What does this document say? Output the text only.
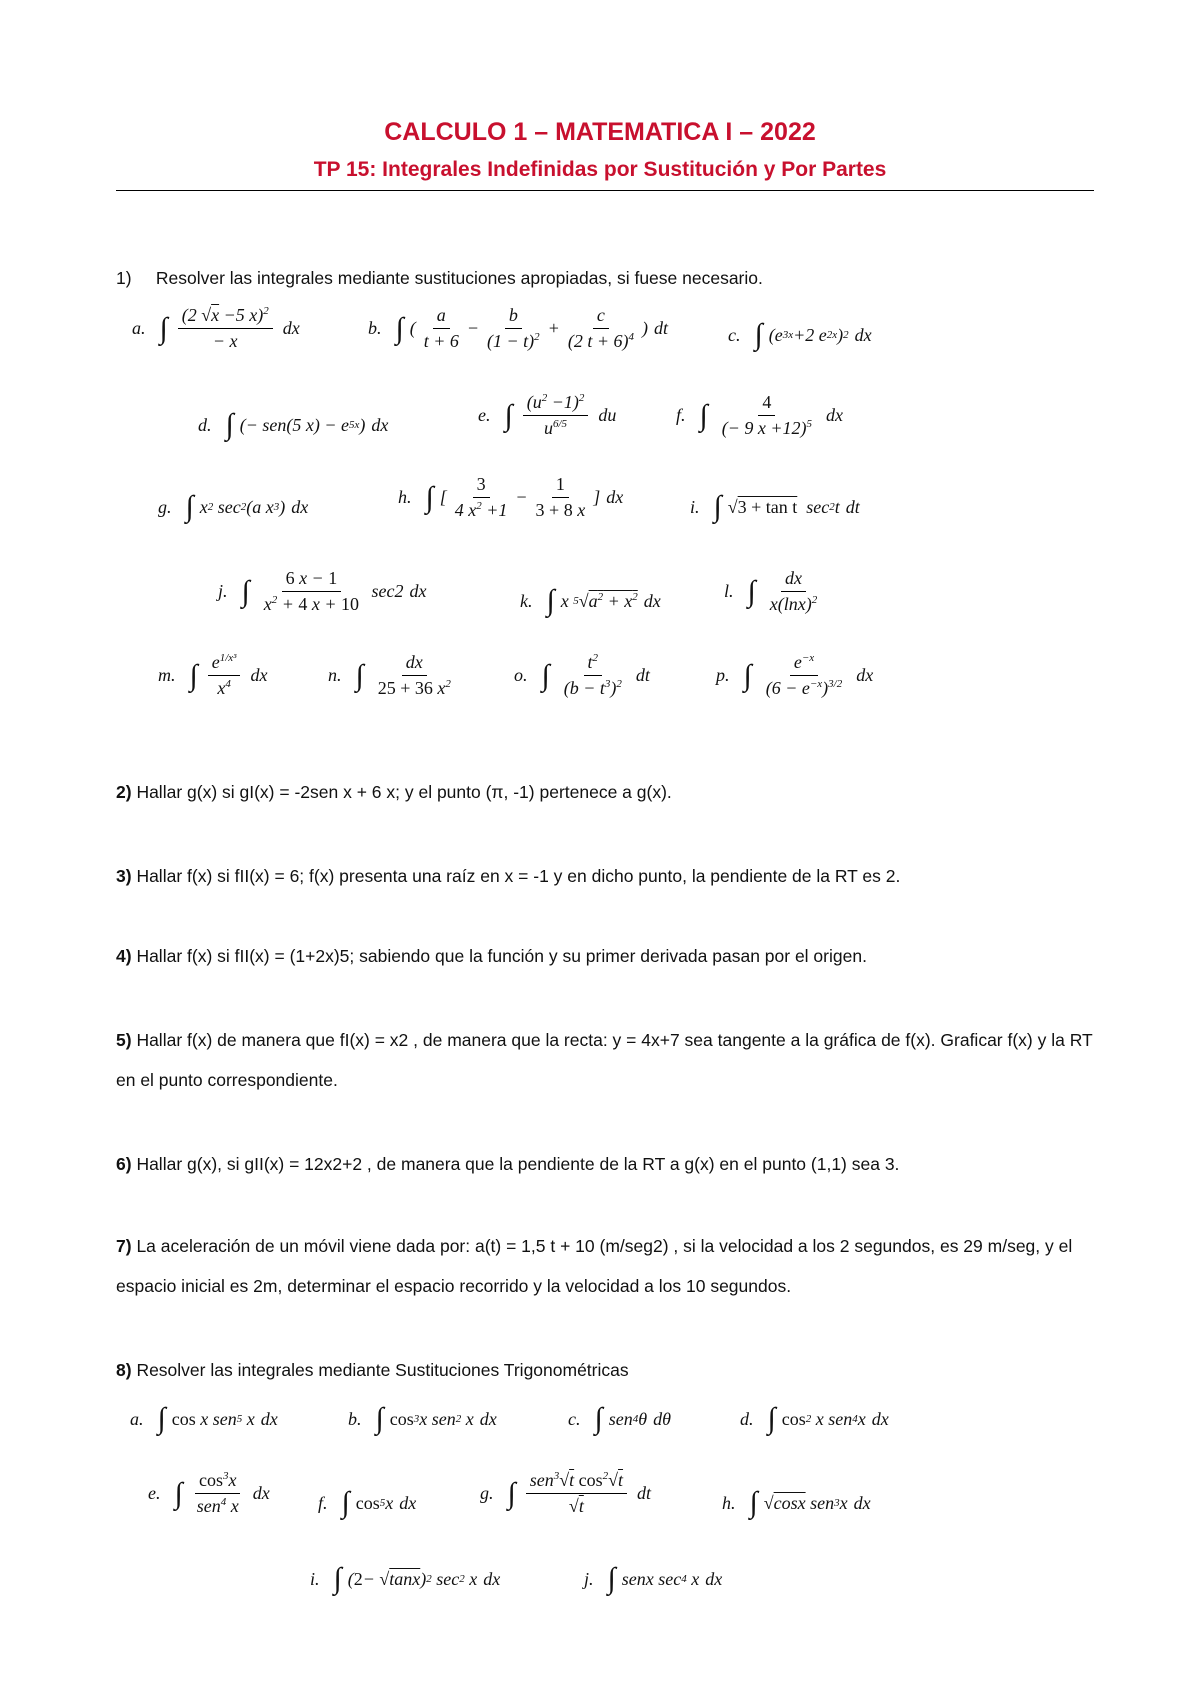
CALCULO 1 – MATEMATICA I – 2022
TP 15: Integrales Indefinidas por Sustitución y Por Partes
1) Resolver las integrales mediante sustituciones apropiadas, si fuese necesario.
a. ∫ $\frac{(2 √x -5 x)^2}{- x}$ dx	b. ∫ ( $\frac{a}{t + 6} - \frac{b}{(1 - t)^2} + \frac{c}{(2 t + 6)^4}$ ) dt	c. ∫ (e 3x +2 e 2x ) 2 dx
d. ∫ (− sen(5 x) − e 5x ) dx	e. ∫ $\frac{(u^2 -1)^2}{u^{6/5}}$ du	f. ∫ $\frac{4}{(- 9 x +12)^5}$ dx
g. ∫ x 2 sec 2 (a x 3 ) dx	h. ∫ [ $\frac{3}{4 x^2 +1} - \frac{1}{3 + 8 x}$ ] dx	i. ∫ √ 3 + tan t sec 2 t dt
j. ∫ $\frac{6 x - 1}{x^2 + 4 x + 10} \sec 2$ dx	k. ∫ x 5 √ $a^2 + x^2$ dx	l. ∫ $\frac{dx}{x(\ln x)^2}$
m. ∫ $\frac{e^{1/x^3}}{x^4}$ dx	n. ∫ $\frac{dx}{25 + 36 x^2}$	o. ∫ $\frac{t^2}{(b - t^3)^2}$ dt	p. ∫ $\frac{e^{-x}}{(6 - e^{-x})^{3/2}}$ dx
2) Hallar g(x) si gI(x) = -2sen x + 6 x; y el punto (π, -1) pertenece a g(x).
3) Hallar f(x) si fII(x) = 6; f(x) presenta una raíz en x = -1 y en dicho punto, la pendiente de la RT es 2.
4) Hallar f(x) si fII(x) = (1+2x)5; sabiendo que la función y su primer derivada pasan por el origen.
5) Hallar f(x) de manera que fI(x) = x2 , de manera que la recta: y = 4x+7 sea tangente a la gráfica de f(x). Graficar f(x) y la RT en el punto correspondiente.
6) Hallar g(x), si gII(x) = 12x2+2 , de manera que la pendiente de la RT a g(x) en el punto (1,1) sea 3.
7) La aceleración de un móvil viene dada por: a(t) = 1,5 t + 10 (m/seg2) , si la velocidad a los 2 segundos, es 29 m/seg, y el espacio inicial es 2m, determinar el espacio recorrido y la velocidad a los 10 segundos.
8) Resolver las integrales mediante Sustituciones Trigonométricas
a. ∫ cos x sen 5 x dx	b. ∫ cos 3 x sen 2 x dx	c. ∫ sen 4 θ dθ	d. ∫ cos 2 x sen 4 x dx
e. ∫ $\frac{\cos^3x}{sen^4 x}$ dx	f. ∫ cos 5 x dx	g. ∫ $\frac{sen^3√t \cos^2√t}{√t}$ dt	h. ∫ √ cosx sen 3 x dx
i. ∫ ( 2 − √ tanx ) 2 sec 2 x dx	j. ∫ senx sec 4 x dx
